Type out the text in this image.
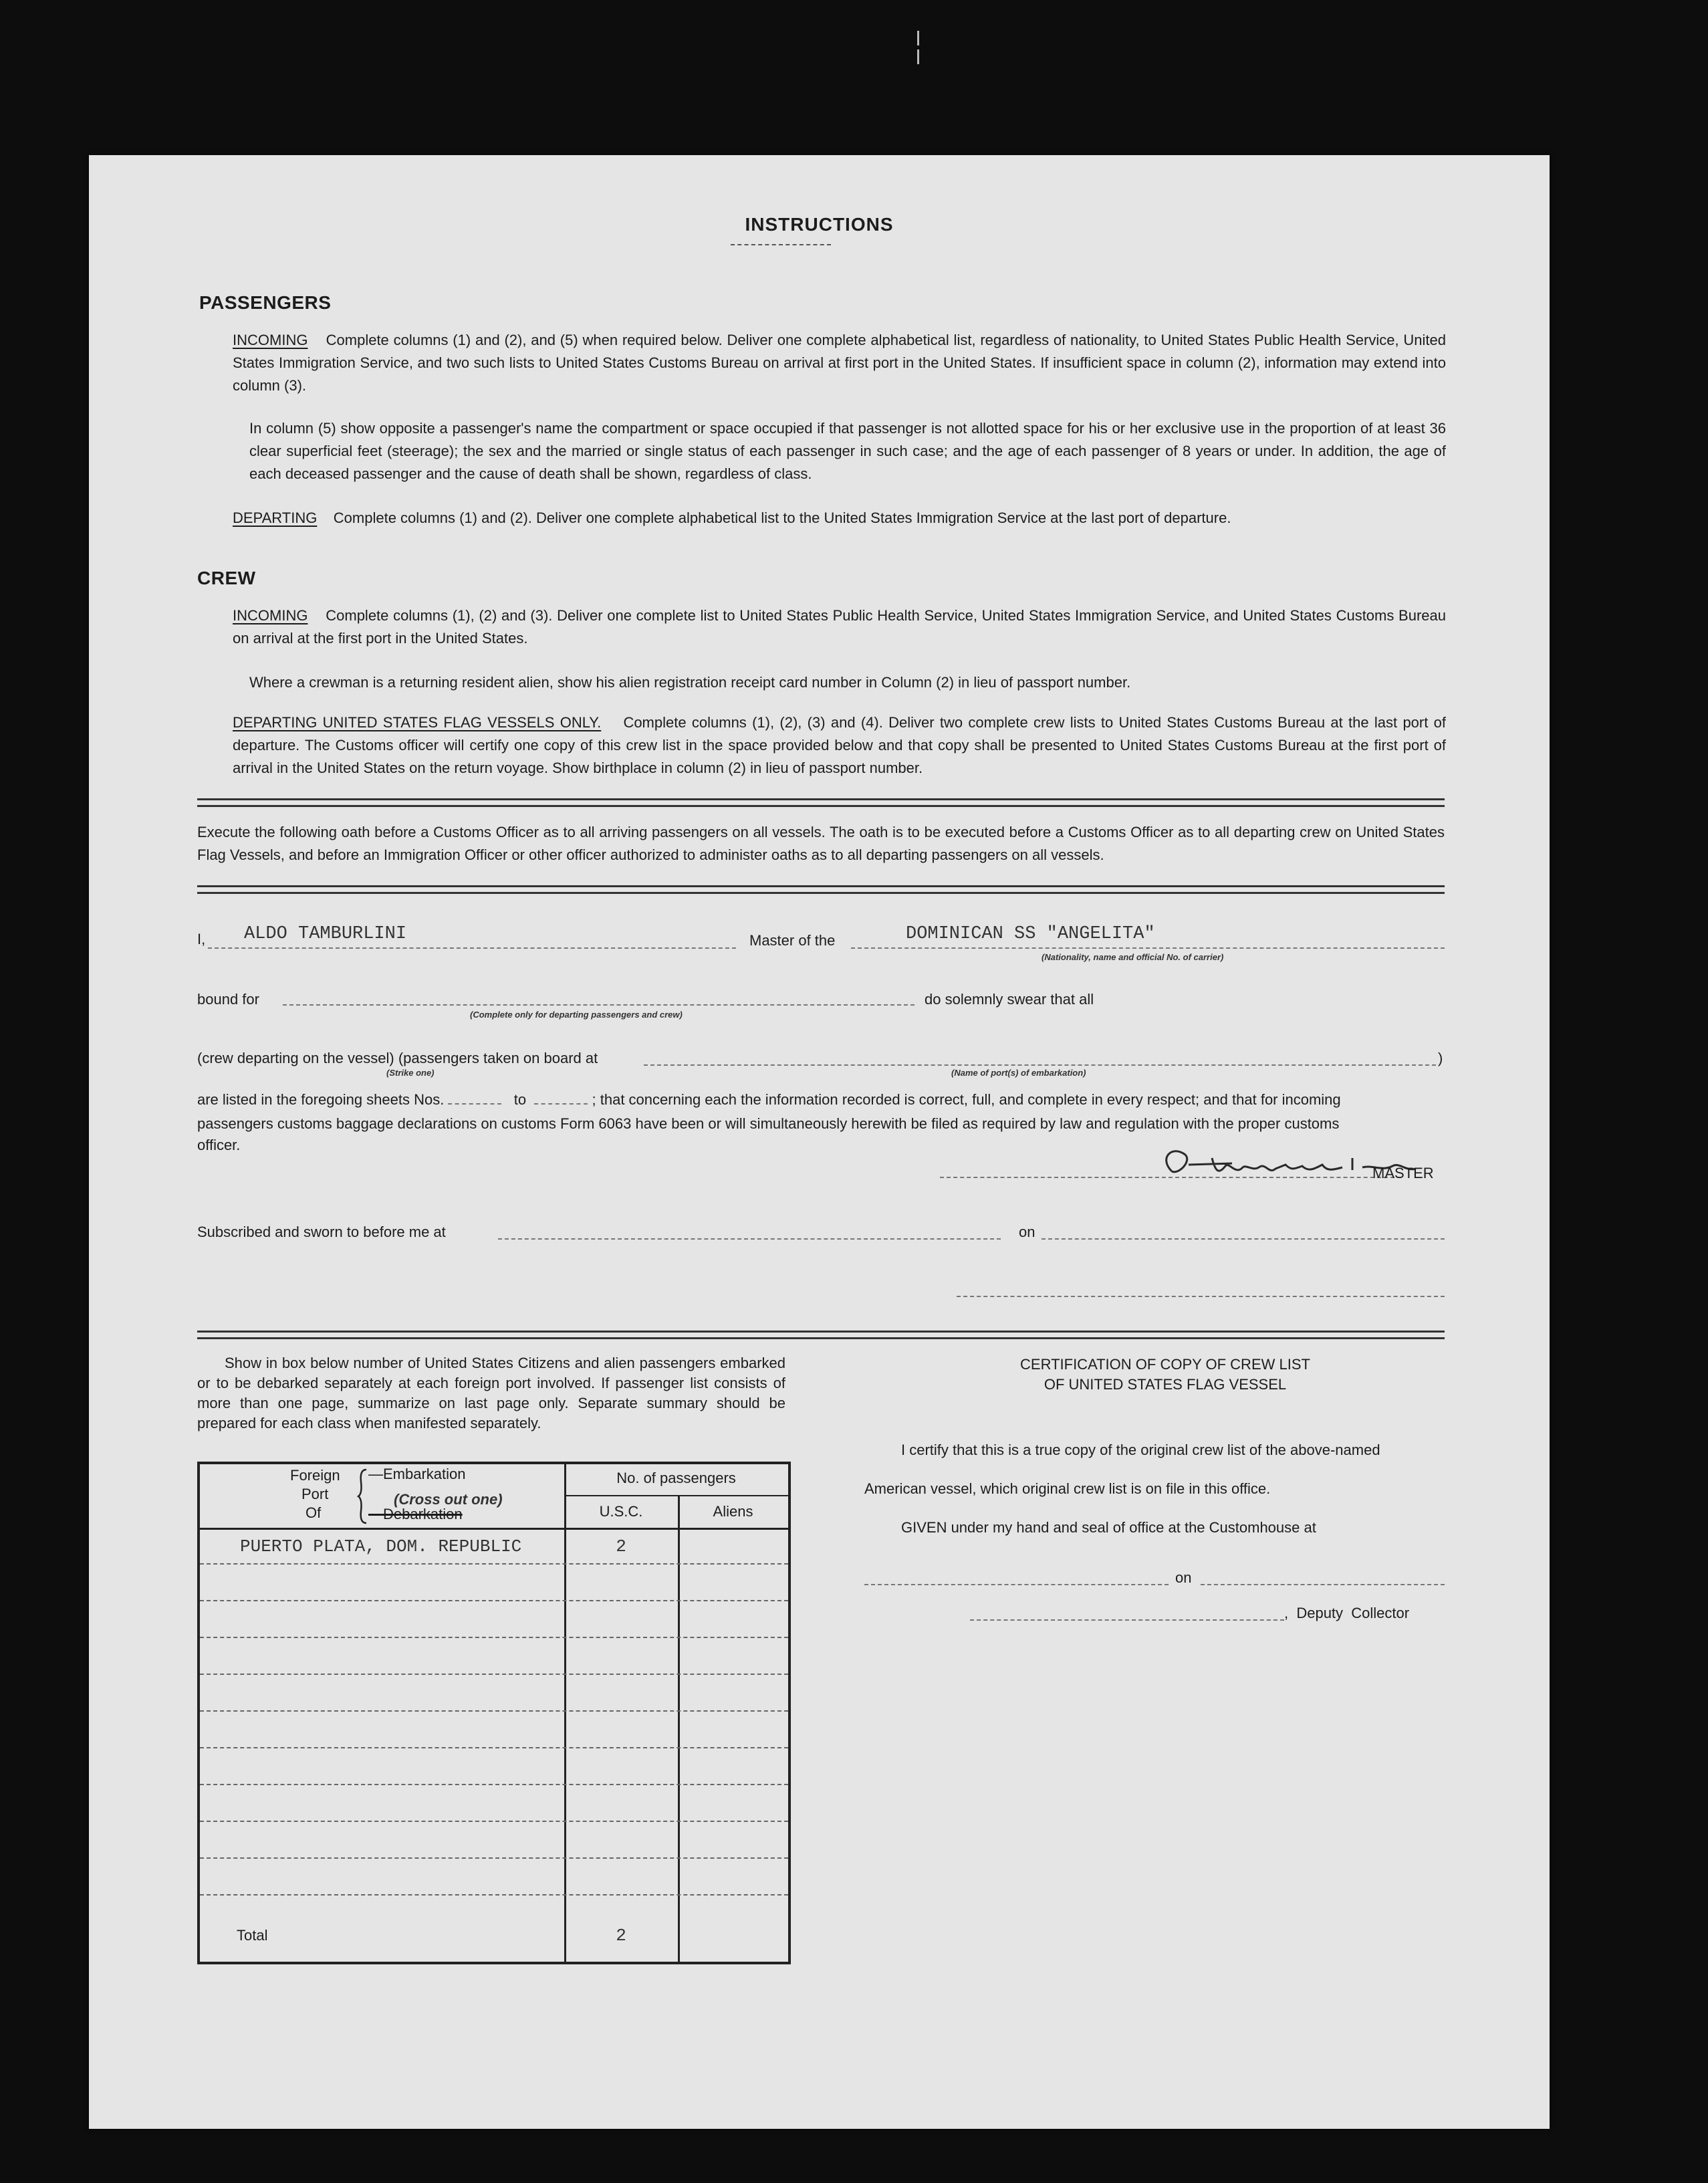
INSTRUCTIONS
PASSENGERS

INCOMING Complete columns (1) and (2), and (5) when required below. Deliver one complete alphabetical list, regardless of nationality, to United States Public Health Service, United States Immigration Service, and two such lists to United States Customs Bureau on arrival at first port in the United States. If insufficient space in column (2), information may extend into column (3).

In column (5) show opposite a passenger's name the compartment or space occupied if that passenger is not allotted space for his or her exclusive use in the proportion of at least 36 clear superficial feet (steerage); the sex and the married or single status of each passenger in such case; and the age of each passenger of 8 years or under. In addition, the age of each deceased passenger and the cause of death shall be shown, regardless of class.

DEPARTING Complete columns (1) and (2). Deliver one complete alphabetical list to the United States Immigration Service at the last port of departure.

CREW

INCOMING Complete columns (1), (2) and (3). Deliver one complete list to United States Public Health Service, United States Immigration Service, and United States Customs Bureau on arrival at the first port in the United States.

Where a crewman is a returning resident alien, show his alien registration receipt card number in Column (2) in lieu of passport number.

DEPARTING UNITED STATES FLAG VESSELS ONLY. Complete columns (1), (2), (3) and (4). Deliver two complete crew lists to United States Customs Bureau at the last port of departure. The Customs officer will certify one copy of this crew list in the space provided below and that copy shall be presented to United States Customs Bureau at the first port of arrival in the United States on the return voyage. Show birthplace in column (2) in lieu of passport number.

Execute the following oath before a Customs Officer as to all arriving passengers on all vessels. The oath is to be executed before a Customs Officer as to all departing crew on United States Flag Vessels, and before an Immigration Officer or other officer authorized to administer oaths as to all departing passengers on all vessels.

I, ALDO TAMBURLINI	Master of the	DOMINICAN SS "ANGELITA"
(Nationality, name and official No. of carrier)
bound for
(Complete only for departing passengers and crew)
do solemnly swear that all
(crew departing on the vessel) (passengers taken on board at	)
(Strike one)	(Name of port(s) of embarkation)
are listed in the foregoing sheets Nos.	to	; that concerning each the information recorded is correct, full, and complete in every respect; and that for incoming

passengers customs baggage declarations on customs Form 6063 have been or will simultaneously herewith be filed as required by law and regulation with the proper customs

officer.

MASTER
Subscribed and sworn to before me at	on

Show in box below number of United States Citizens and alien passengers embarked or to be debarked separately at each foreign port involved. If passenger list consists of more than one page, summarize on last page only. Separate summary should be prepared for each class when manifested separately.

Foreign
Port
Of
—Embarkation
(Cross out one)
—Debarkation
No. of passengers
U.S.C.	Aliens
PUERTO PLATA, DOM. REPUBLIC	2
Total	2
CERTIFICATION OF COPY OF CREW LIST
OF UNITED STATES FLAG VESSEL
I certify that this is a true copy of the original crew list of the above-named
American vessel, which original crew list is on file in this office.
GIVEN under my hand and seal of office at the Customhouse at
on
,  Deputy  Collector
